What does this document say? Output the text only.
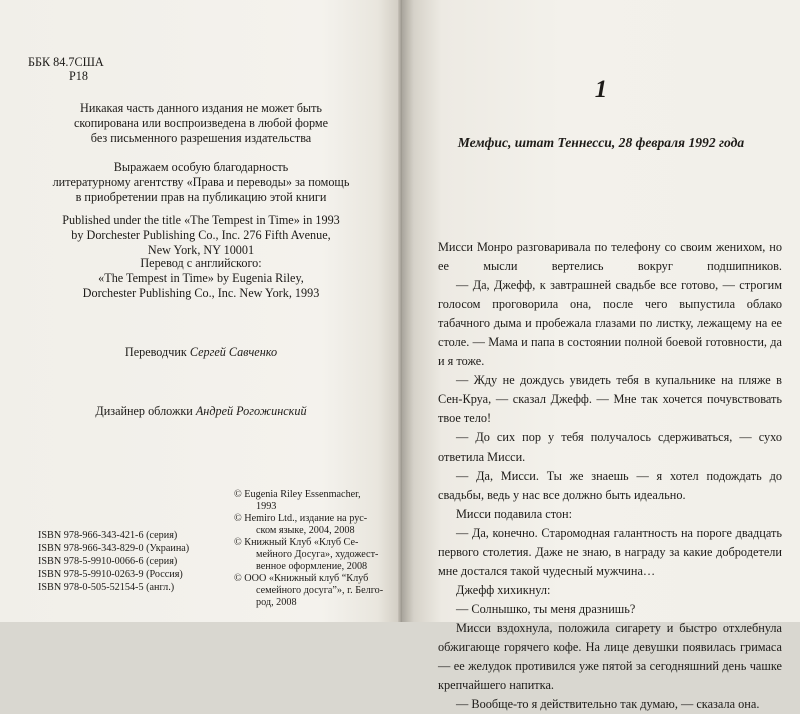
ББК 84.7США
Р18
Никакая часть данного издания не может быть
скопирована или воспроизведена в любой форме
без письменного разрешения издательства
Выражаем особую благодарность
литературному агентству «Права и переводы» за помощь
в приобретении прав на публикацию этой книги
Published under the title «The Tempest in Time» in 1993
by Dorchester Publishing Co., Inc. 276 Fifth Avenue,
New York, NY 10001
Перевод с английского:
«The Tempest in Time» by Eugenia Riley,
Dorchester Publishing Co., Inc. New York, 1993
Переводчик Сергей Савченко
Дизайнер обложки Андрей Рогожинский
ISBN 978-966-343-421-6 (серия)
ISBN 978-966-343-829-0 (Украина)
ISBN 978-5-9910-0066-6 (серия)
ISBN 978-5-9910-0263-9 (Россия)
ISBN 978-0-505-52154-5 (англ.)
© Eugenia Riley Essenmacher,
1993
© Hemiro Ltd., издание на рус-
ском языке, 2004, 2008
© Книжный Клуб «Клуб Се-
мейного Досуга», художест-
венное оформление, 2008
© ООО «Книжный клуб “Клуб
семейного досуга”», г. Белго-
род, 2008
1
Мемфис, штат Теннесси, 28 февраля 1992 года

Мисси Монро разговаривала по телефону со своим женихом, но ее мысли вертелись вокруг подшипников.

— Да, Джефф, к завтрашней свадьбе все готово, — строгим голосом проговорила она, после чего выпустила облако табачного дыма и пробежала глазами по листку, лежащему на ее столе. — Мама и папа в состоянии полной боевой готовности, да и я тоже.

— Жду не дождусь увидеть тебя в купальнике на пляже в Сен-Круа, — сказал Джефф. — Мне так хочется почувствовать твое тело!

— До сих пор у тебя получалось сдерживаться, — сухо ответила Мисси.

— Да, Мисси. Ты же знаешь — я хотел подождать до свадьбы, ведь у нас все должно быть идеально.

Мисси подавила стон:

— Да, конечно. Старомодная галантность на пороге двадцать первого столетия. Даже не знаю, в награду за какие добродетели мне достался такой чудесный мужчина…

Джефф хихикнул:

— Солнышко, ты меня дразнишь?

Мисси вздохнула, положила сигарету и быстро отхлебнула обжигающе горячего кофе. На лице девушки появилась гримаса — ее желудок противился уже пятой за сегодняшний день чашке крепчайшего напитка.

— Вообще-то я действительно так думаю, — сказала она.
